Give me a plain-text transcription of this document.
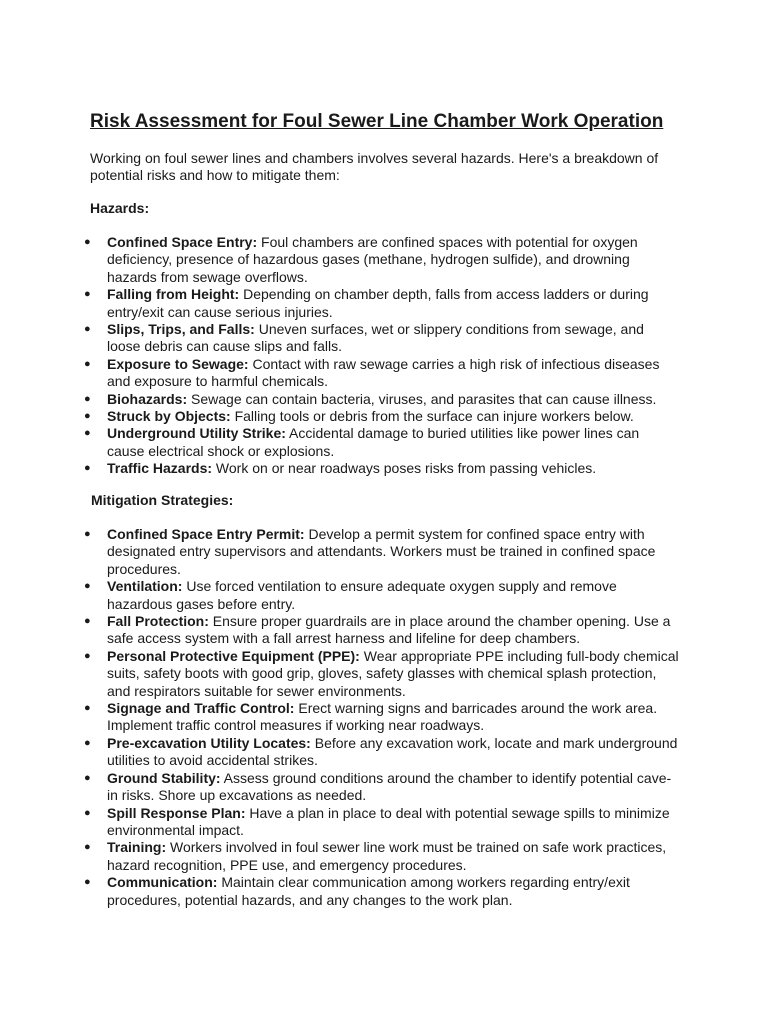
Risk Assessment for Foul Sewer Line Chamber Work Operation

Working on foul sewer lines and chambers involves several hazards. Here's a breakdown of potential risks and how to mitigate them:

Hazards:

● Confined Space Entry: Foul chambers are confined spaces with potential for oxygen deficiency, presence of hazardous gases (methane, hydrogen sulfide), and drowning hazards from sewage overflows.
● Falling from Height: Depending on chamber depth, falls from access ladders or during entry/exit can cause serious injuries.
● Slips, Trips, and Falls: Uneven surfaces, wet or slippery conditions from sewage, and loose debris can cause slips and falls.
● Exposure to Sewage: Contact with raw sewage carries a high risk of infectious diseases and exposure to harmful chemicals.
● Biohazards: Sewage can contain bacteria, viruses, and parasites that can cause illness.
● Struck by Objects: Falling tools or debris from the surface can injure workers below.
● Underground Utility Strike: Accidental damage to buried utilities like power lines can cause electrical shock or explosions.
● Traffic Hazards: Work on or near roadways poses risks from passing vehicles.

Mitigation Strategies:

● Confined Space Entry Permit: Develop a permit system for confined space entry with designated entry supervisors and attendants. Workers must be trained in confined space procedures.
● Ventilation: Use forced ventilation to ensure adequate oxygen supply and remove hazardous gases before entry.
● Fall Protection: Ensure proper guardrails are in place around the chamber opening. Use a safe access system with a fall arrest harness and lifeline for deep chambers.
● Personal Protective Equipment (PPE): Wear appropriate PPE including full-body chemical suits, safety boots with good grip, gloves, safety glasses with chemical splash protection, and respirators suitable for sewer environments.
● Signage and Traffic Control: Erect warning signs and barricades around the work area. Implement traffic control measures if working near roadways.
● Pre-excavation Utility Locates: Before any excavation work, locate and mark underground utilities to avoid accidental strikes.
● Ground Stability: Assess ground conditions around the chamber to identify potential cave-in risks. Shore up excavations as needed.
● Spill Response Plan: Have a plan in place to deal with potential sewage spills to minimize environmental impact.
● Training: Workers involved in foul sewer line work must be trained on safe work practices, hazard recognition, PPE use, and emergency procedures.
● Communication: Maintain clear communication among workers regarding entry/exit procedures, potential hazards, and any changes to the work plan.
